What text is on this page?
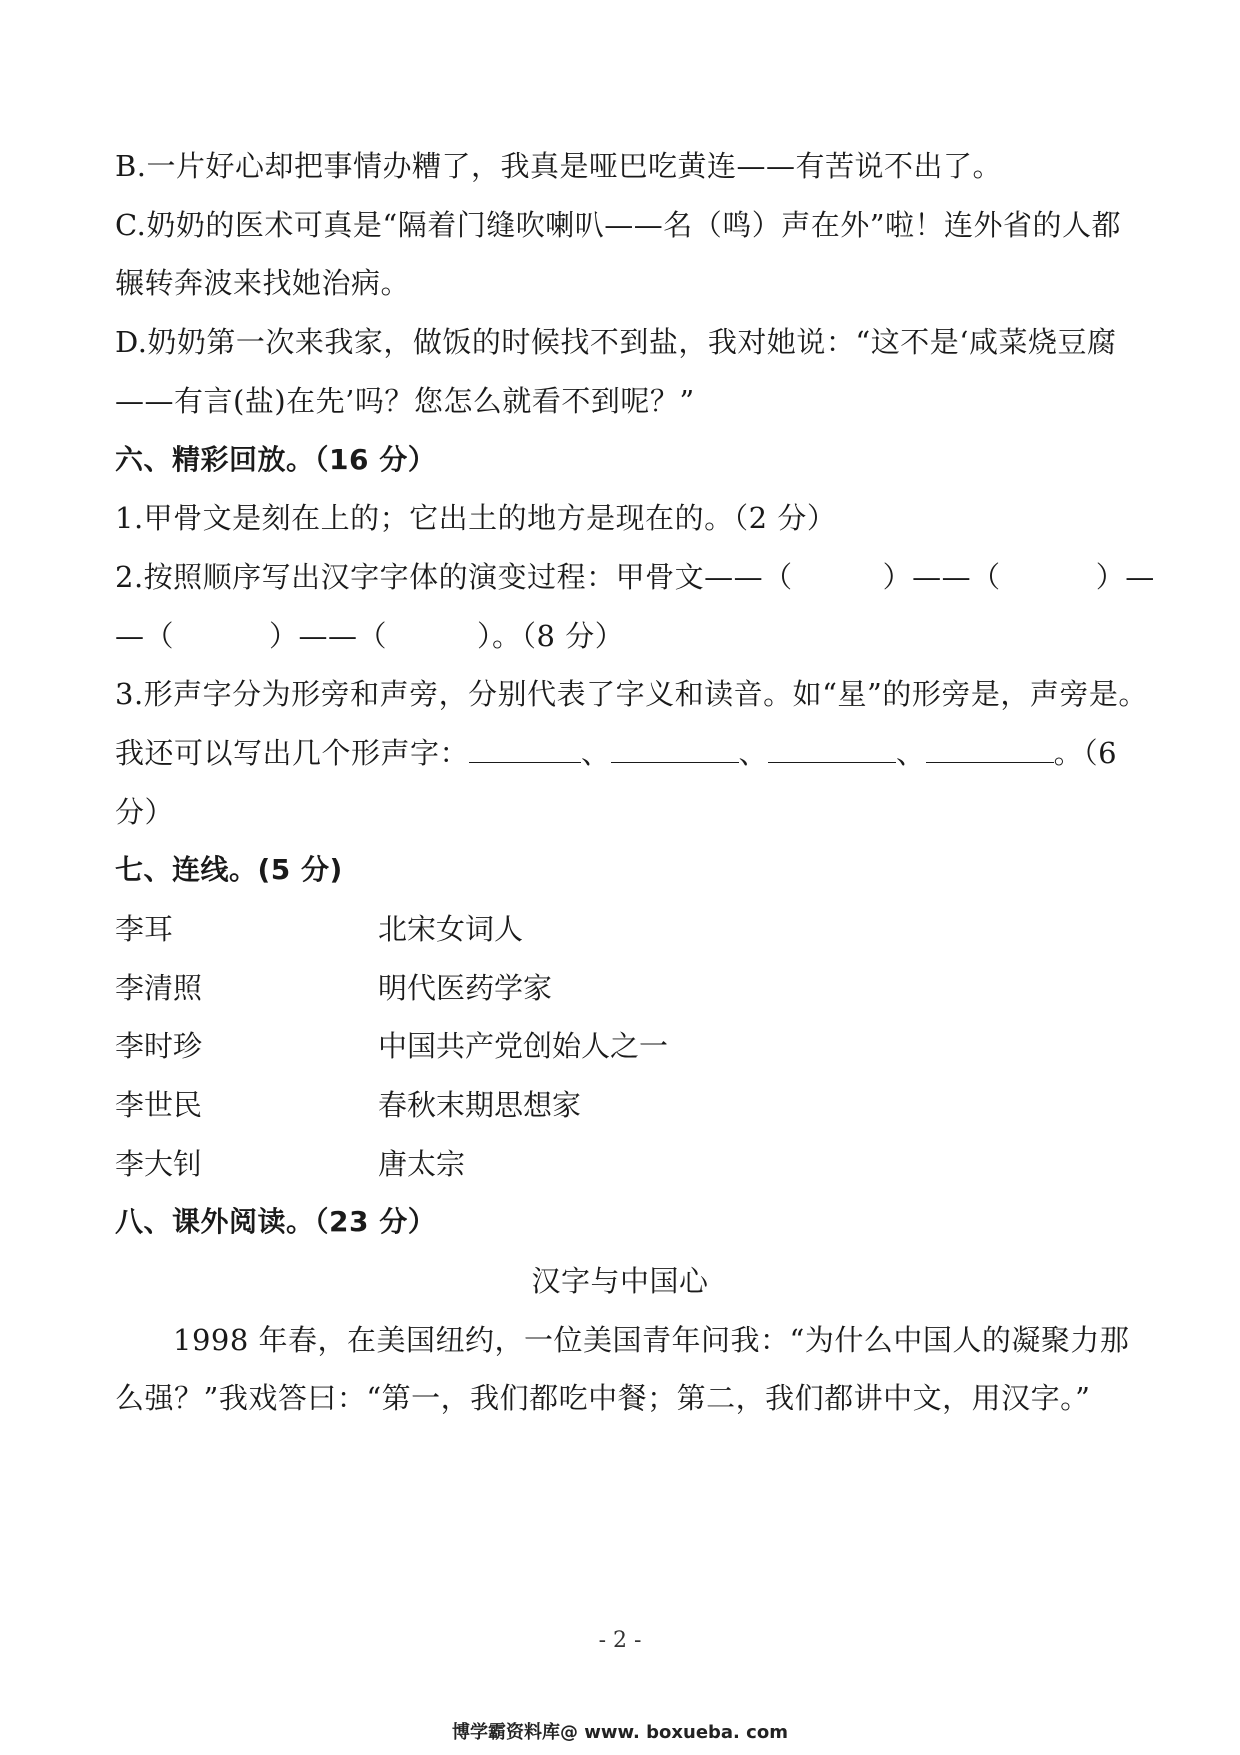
B.一片好心却把事情办糟了，我真是哑巴吃黄连——有苦说不出了。
C.奶奶的医术可真是“隔着门缝吹喇叭——名（鸣）声在外”啦！连外省的人都
辗转奔波来找她治病。
D.奶奶第一次来我家，做饭的时候找不到盐，我对她说：“这不是‘咸菜烧豆腐
——有言(盐)在先’吗？您怎么就看不到呢？”
六、精彩回放。（16 分）
1.甲骨文是刻在上的；它出土的地方是现在的。（2 分）
2.按照顺序写出汉字字体的演变过程：甲骨文——（	）——（	）—
—（	）——（	）。（8 分）
3.形声字分为形旁和声旁，分别代表了字义和读音。如“星”的形旁是，声旁是。
我还可以写出几个形声字：	、	、	、	。（6
分）
七、连线。(5 分)
李耳	北宋女词人
李清照	明代医药学家
李时珍	中国共产党创始人之一
李世民	春秋末期思想家
李大钊	唐太宗
八、课外阅读。（23 分）
汉字与中国心
1998 年春，在美国纽约，一位美国青年问我：“为什么中国人的凝聚力那
么强？”我戏答曰：“第一，我们都吃中餐；第二，我们都讲中文，用汉字。”
- 2 -
博学霸资料库@ www. boxueba. com
